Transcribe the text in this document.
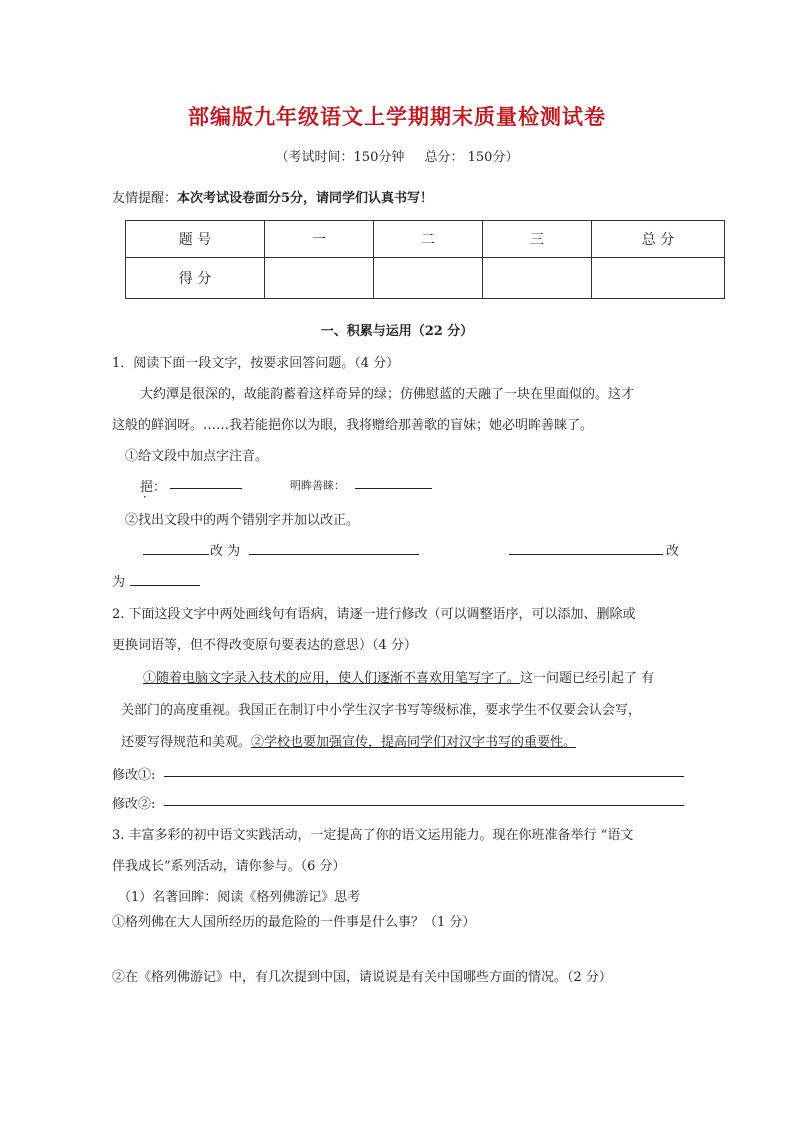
部编版九年级语文上学期期末质量检测试卷
（考试时间：150分钟 总分： 150分）
友情提醒：本次考试设卷面分5分，请同学们认真书写！
题 号	一	二	三	总 分
得 分				
一、积累与运用（22 分）
1．阅读下面一段文字，按要求回答问题。（4 分）
大约潭是很深的，故能韵蓄着这样奇异的绿；仿佛慰蓝的天融了一块在里面似的。这才
这般的鲜润呀。……我若能挹你以为眼，我将赠给那善歌的盲妹；她必明眸善睐了。
①给文段中加点字注音。
挹：	明眸善睐：
②找出文段中的两个错别字并加以改正。
改 为	改
为
2. 下面这段文字中两处画线句有语病，请逐一进行修改（可以调整语序，可以添加、删除或
更换词语等，但不得改变原句要表达的意思）（4 分）
①随着电脑文字录入技术的应用，使人们逐渐不喜欢用笔写字了。这一问题已经引起了 有
关部门的高度重视。我国正在制订中小学生汉字书写等级标准，要求学生不仅要会认会写，
还要写得规范和美观。②学校也要加强宣传，提高同学们对汉字书写的重要性。
修改①:
修改②:
3. 丰富多彩的初中语文实践活动，一定提高了你的语文运用能力。现在你班准备举行 “语文
伴我成长”系列活动，请你参与。（6 分）
（1）名著回眸：阅读《格列佛游记》思考
①格列佛在大人国所经历的最危险的一件事是什么事？（1 分）
②在《格列佛游记》中，有几次提到中国，请说说是有关中国哪些方面的情况。（2 分）
